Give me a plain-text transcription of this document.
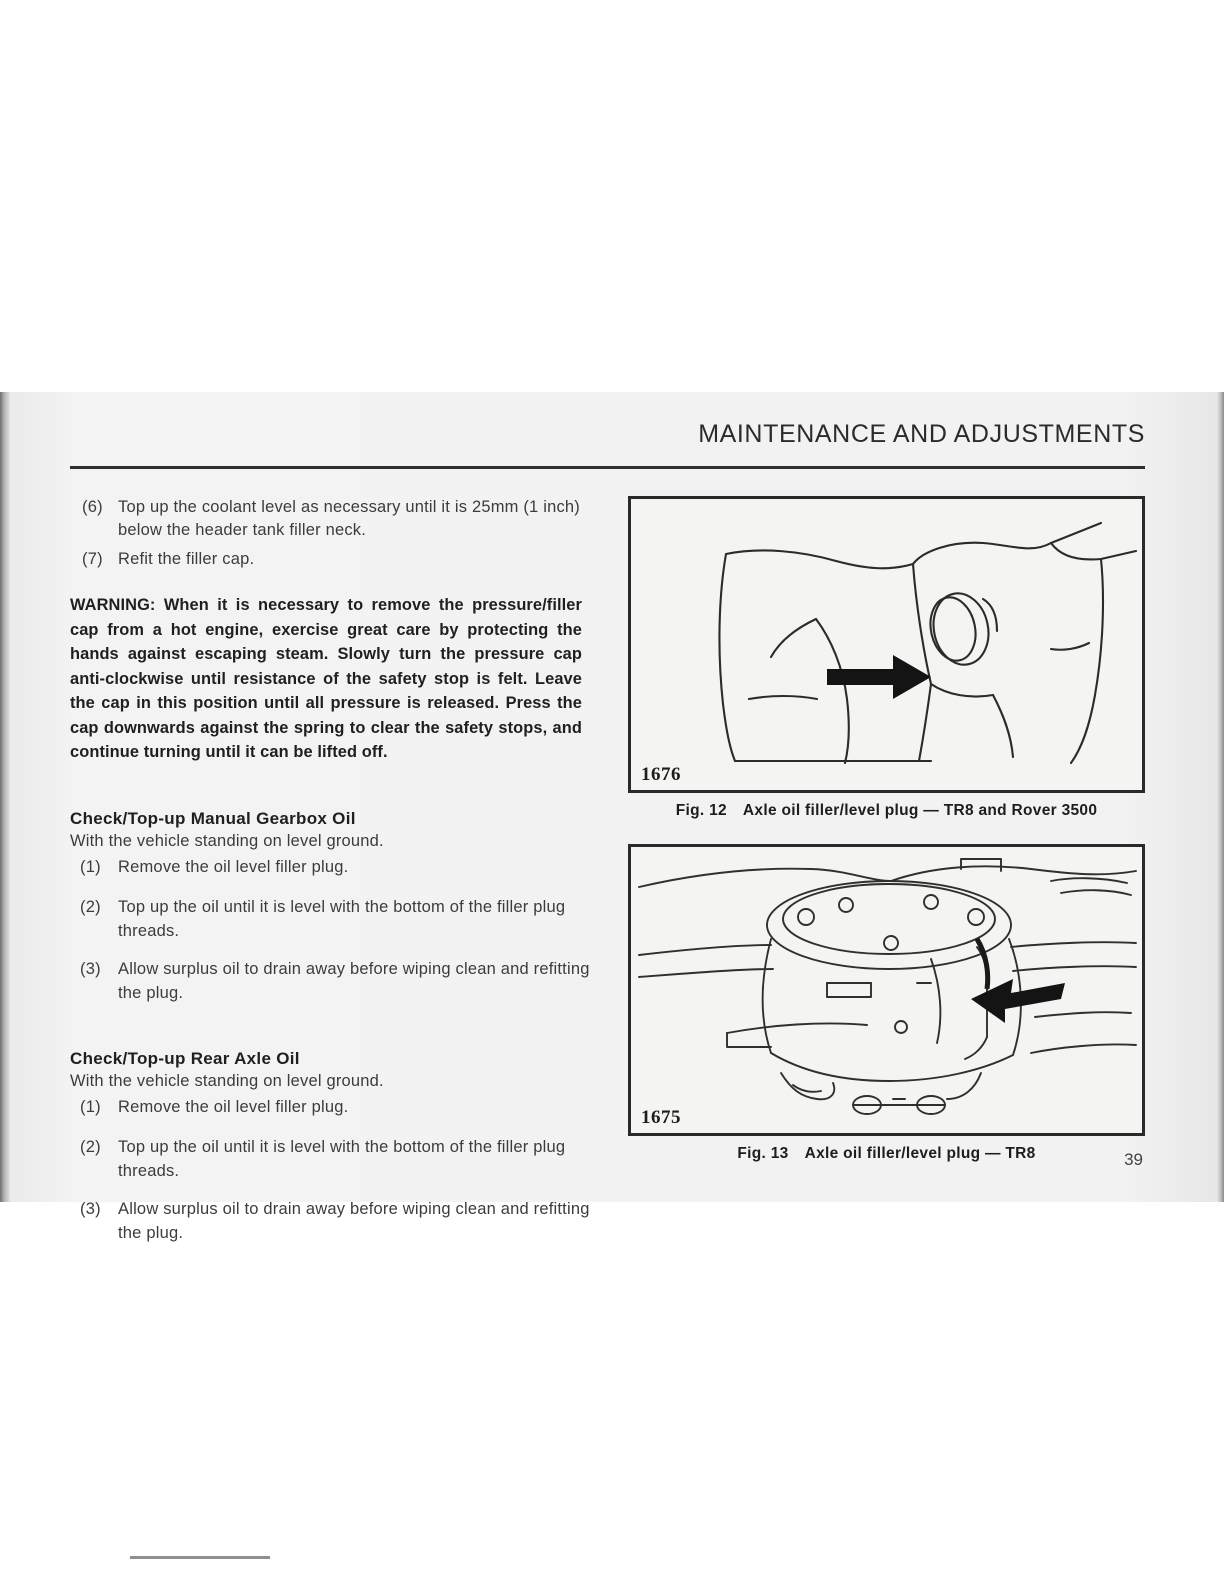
MAINTENANCE AND ADJUSTMENTS
(6) Top up the coolant level as necessary until it is 25mm (1 inch) below the header tank filler neck.
(7) Refit the filler cap.
WARNING: When it is necessary to remove the pressure/filler cap from a hot engine, exercise great care by protecting the hands against escaping steam. Slowly turn the pressure cap anti-clockwise until resistance of the safety stop is felt. Leave the cap in this position until all pressure is released. Press the cap downwards against the spring to clear the safety stops, and continue turning until it can be lifted off.
Check/Top-up Manual Gearbox Oil
With the vehicle standing on level ground.
(1) Remove the oil level filler plug.
(2) Top up the oil until it is level with the bottom of the filler plug threads.
(3) Allow surplus oil to drain away before wiping clean and refitting the plug.
Check/Top-up Rear Axle Oil
With the vehicle standing on level ground.
(1) Remove the oil level filler plug.
(2) Top up the oil until it is level with the bottom of the filler plug threads.
(3) Allow surplus oil to drain away before wiping clean and refitting the plug.
1676
Fig. 12 Axle oil filler/level plug — TR8 and Rover 3500
1675
Fig. 13 Axle oil filler/level plug — TR8	39
